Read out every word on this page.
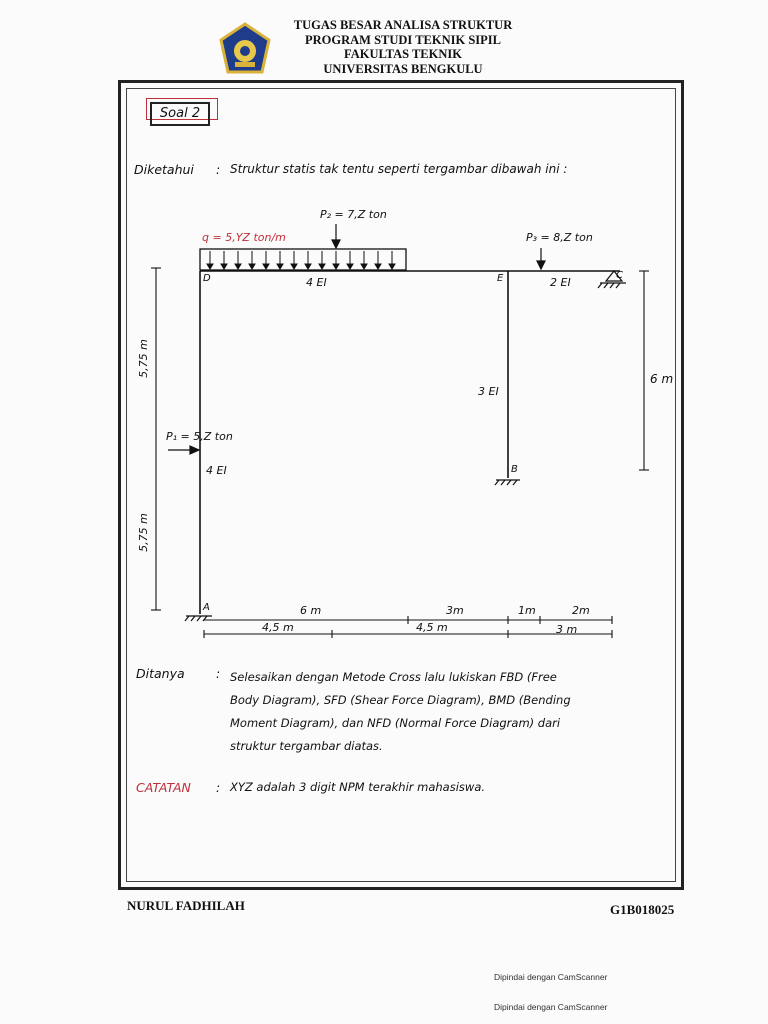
TUGAS BESAR ANALISA STRUKTUR
PROGRAM STUDI TEKNIK SIPIL
FAKULTAS TEKNIK
UNIVERSITAS BENGKULU
Soal 2
Diketahui : Struktur statis tak tentu seperti tergambar dibawah ini :
q = 5,YZ ton/m
P₂ = 7,Z ton
P₃ = 8,Z ton
P₁ = 5,Z ton
D	E	C
B
A
4 EI	2 EI
3 EI
4 EI
5,75 m
5,75 m
6 m
6 m	3m	1m	2m
4,5 m	4,5 m	3 m
Ditanya	: Selesaikan dengan Metode Cross lalu lukiskan FBD (Free
Body Diagram), SFD (Shear Force Diagram), BMD (Bending
Moment Diagram), dan NFD (Normal Force Diagram) dari
struktur tergambar diatas.
CATATAN : XYZ adalah 3 digit NPM terakhir mahasiswa.
NURUL FADHILAH	G1B018025
Dipindai dengan CamScanner
Dipindai dengan CamScanner
